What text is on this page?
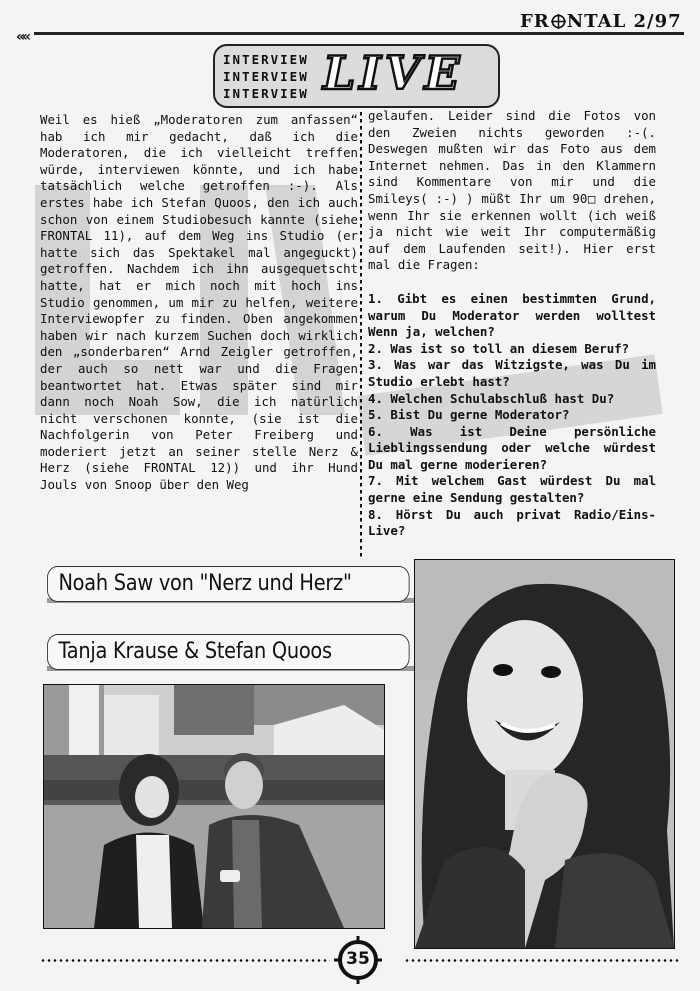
««
FR NTAL 2/97
INTERVIEW
INTERVIEW
INTERVIEW LIVE
Weil es hieß „Moderatoren zum anfassen“ hab ich mir gedacht, daß ich die Moderatoren, die ich vielleicht treffen würde, interviewen könnte, und ich habe tatsächlich welche getroffen :-). Als erstes habe ich Stefan Quoos, den ich auch schon von einem Studiobesuch kannte (siehe FRONTAL 11), auf dem Weg ins Studio (er hatte sich das Spektakel mal angeguckt) getroffen. Nachdem ich ihn ausgequetscht hatte, hat er mich noch mit hoch ins Studio genommen, um mir zu helfen, weitere Interviewopfer zu finden. Oben angekommen haben wir nach kurzem Suchen doch wirklich den „sonderbaren“ Arnd Zeigler getroffen, der auch so nett war und die Fragen beantwortet hat. Etwas später sind mir dann noch Noah Sow, die ich natürlich nicht verschonen konnte, (sie ist die Nachfolgerin von Peter Freiberg und moderiert jetzt an seiner stelle Nerz & Herz (siehe FRONTAL 12)) und ihr Hund Jouls von Snoop über den Weg
gelaufen. Leider sind die Fotos von den Zweien nichts geworden :-(. Deswegen mußten wir das Foto aus dem Internet nehmen. Das in den Klammern sind Kommentare von mir und die Smileys( :-) ) müßt Ihr um 90□ drehen, wenn Ihr sie erkennen wollt (ich weiß ja nicht wie weit Ihr computermäßig auf dem Laufenden seit!). Hier erst mal die Fragen:

1. Gibt es einen bestimmten Grund, warum Du Moderator werden wolltest Wenn ja, welchen?

2. Was ist so toll an diesem Beruf?

3. Was war das Witzigste, was Du im Studio erlebt hast?

4. Welchen Schulabschluß hast Du?

5. Bist Du gerne Moderator?

6. Was ist Deine persönliche Lieblingssendung oder welche würdest Du mal gerne moderieren?

7. Mit welchem Gast würdest Du mal gerne eine Sendung gestalten?

8. Hörst Du auch privat Radio/Eins-Live?

Noah Saw von "Nerz und Herz"
Tanja Krause & Stefan Quoos
35
